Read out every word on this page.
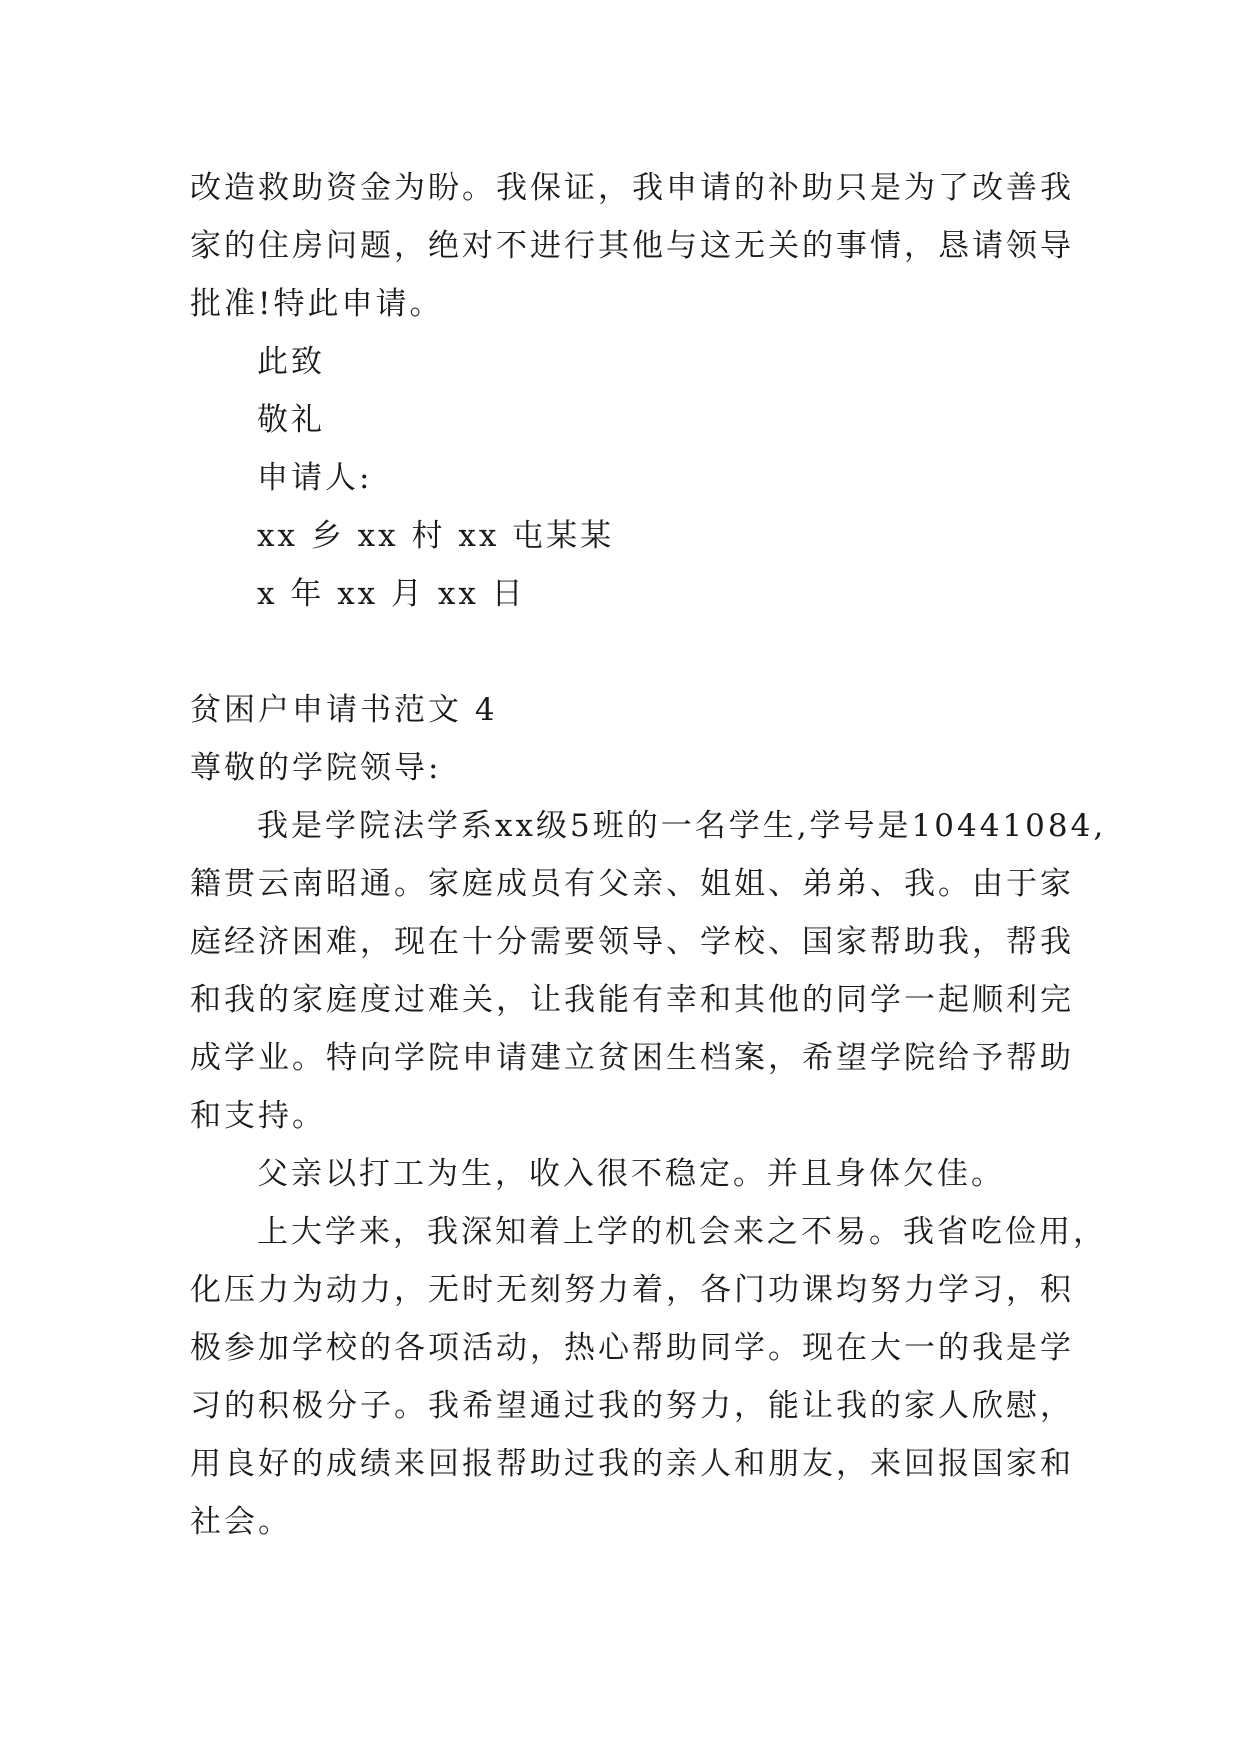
改造救助资金为盼。我保证，我申请的补助只是为了改善我
家的住房问题，绝对不进行其他与这无关的事情，恳请领导
批准!特此申请。
此致
敬礼
申请人:
xx 乡 xx 村 xx 屯某某
x 年 xx 月 xx 日
贫困户申请书范文 4
尊敬的学院领导:
我是学院法学系xx级5班的一名学生,学号是10441084,
籍贯云南昭通。家庭成员有父亲、姐姐、弟弟、我。由于家
庭经济困难，现在十分需要领导、学校、国家帮助我，帮我
和我的家庭度过难关，让我能有幸和其他的同学一起顺利完
成学业。特向学院申请建立贫困生档案，希望学院给予帮助
和支持。
父亲以打工为生，收入很不稳定。并且身体欠佳。
上大学来，我深知着上学的机会来之不易。我省吃俭用，
化压力为动力，无时无刻努力着，各门功课均努力学习，积
极参加学校的各项活动，热心帮助同学。现在大一的我是学
习的积极分子。我希望通过我的努力，能让我的家人欣慰，
用良好的成绩来回报帮助过我的亲人和朋友，来回报国家和
社会。
